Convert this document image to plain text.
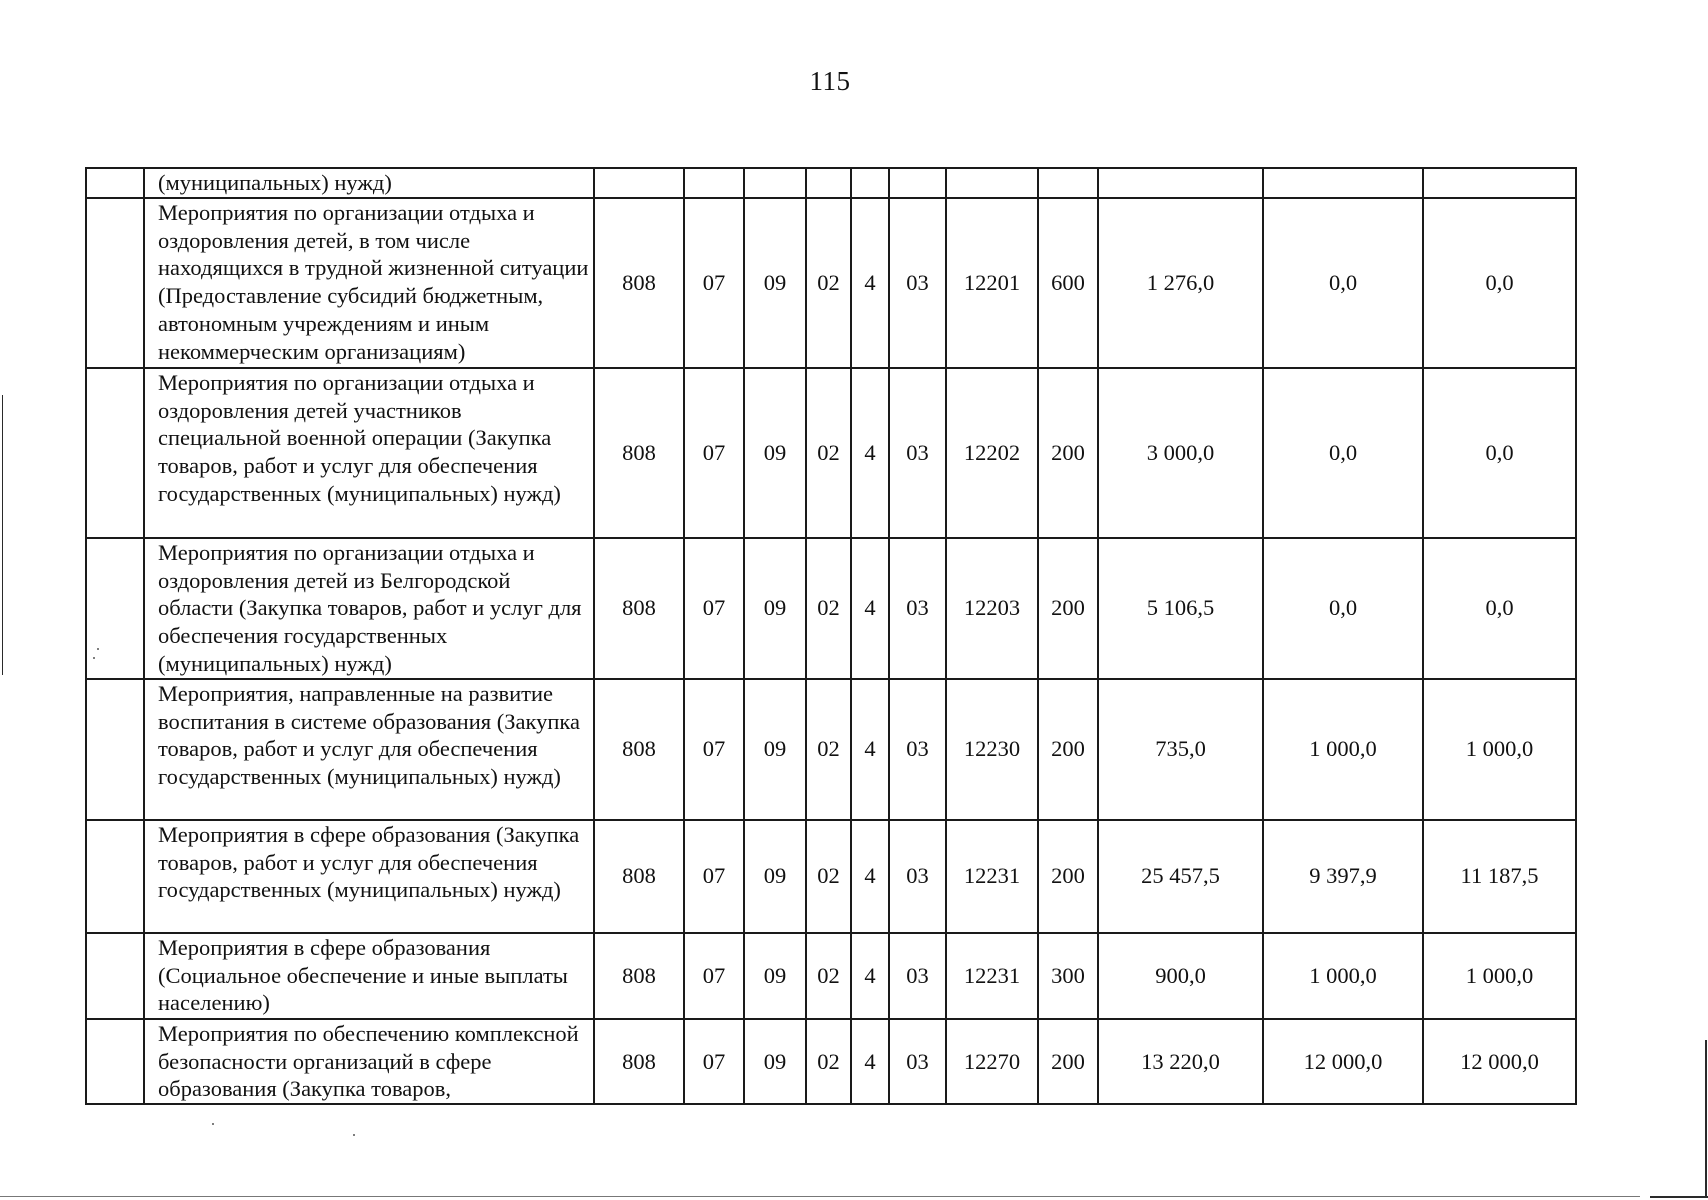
115
	(муниципальных) нужд)											
	Мероприятия по организации отдыха и оздоровления детей, в том числе находящихся в трудной жизненной ситуации (Предоставление субсидий бюджетным, автономным учреждениям и иным некоммерческим организациям)	808	07	09	02	4	03	12201	600	1 276,0	0,0	0,0
	Мероприятия по организации отдыха и оздоровления детей участников специальной военной операции (Закупка товаров, работ и услуг для обеспечения государственных (муниципальных) нужд)	808	07	09	02	4	03	12202	200	3 000,0	0,0	0,0
	Мероприятия по организации отдыха и оздоровления детей из Белгородской области (Закупка товаров, работ и услуг для обеспечения государственных (муниципальных) нужд)	808	07	09	02	4	03	12203	200	5 106,5	0,0	0,0
	Мероприятия, направленные на развитие воспитания в системе образования (Закупка товаров, работ и услуг для обеспечения государственных (муниципальных) нужд)	808	07	09	02	4	03	12230	200	735,0	1 000,0	1 000,0
	Мероприятия в сфере образования (Закупка товаров, работ и услуг для обеспечения государственных (муниципальных) нужд)	808	07	09	02	4	03	12231	200	25 457,5	9 397,9	11 187,5
	Мероприятия в сфере образования (Социальное обеспечение и иные выплаты населению)	808	07	09	02	4	03	12231	300	900,0	1 000,0	1 000,0
	Мероприятия по обеспечению комплексной безопасности организаций в сфере образования (Закупка товаров,	808	07	09	02	4	03	12270	200	13 220,0	12 000,0	12 000,0
